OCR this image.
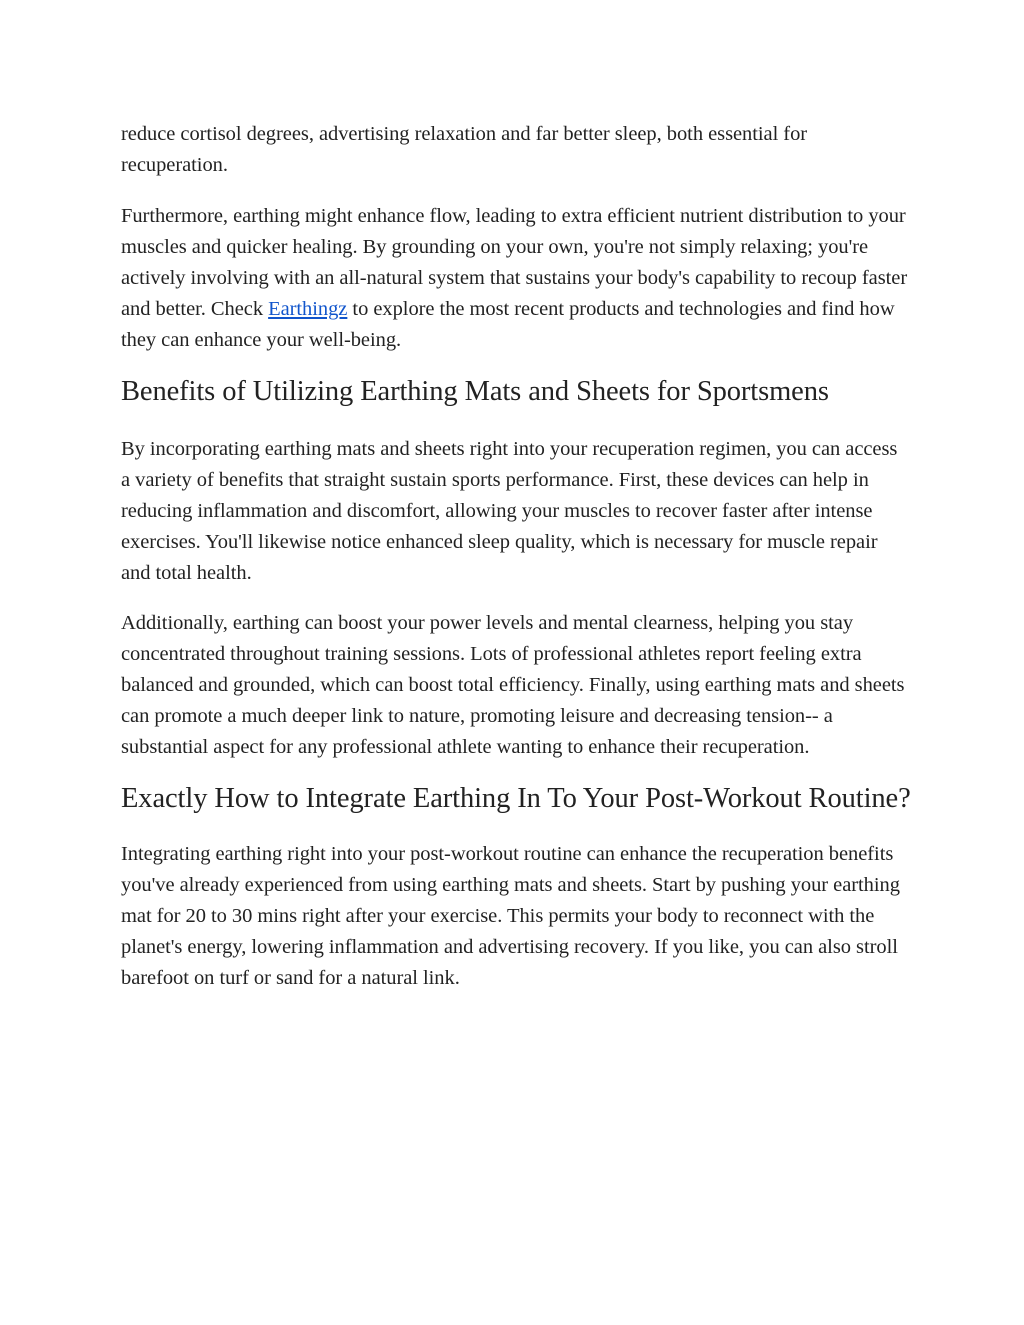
reduce cortisol degrees, advertising relaxation and far better sleep, both essential for recuperation.

Furthermore, earthing might enhance flow, leading to extra efficient nutrient distribution to your muscles and quicker healing. By grounding on your own, you're not simply relaxing; you're actively involving with an all-natural system that sustains your body's capability to recoup faster and better. Check Earthingz to explore the most recent products and technologies and find how they can enhance your well-being.

Benefits of Utilizing Earthing Mats and Sheets for Sportsmens

By incorporating earthing mats and sheets right into your recuperation regimen, you can access a variety of benefits that straight sustain sports performance. First, these devices can help in reducing inflammation and discomfort, allowing your muscles to recover faster after intense exercises. You'll likewise notice enhanced sleep quality, which is necessary for muscle repair and total health.

Additionally, earthing can boost your power levels and mental clearness, helping you stay concentrated throughout training sessions. Lots of professional athletes report feeling extra balanced and grounded, which can boost total efficiency. Finally, using earthing mats and sheets can promote a much deeper link to nature, promoting leisure and decreasing tension-- a substantial aspect for any professional athlete wanting to enhance their recuperation.

Exactly How to Integrate Earthing In To Your Post-Workout Routine?

Integrating earthing right into your post-workout routine can enhance the recuperation benefits you've already experienced from using earthing mats and sheets. Start by pushing your earthing mat for 20 to 30 mins right after your exercise. This permits your body to reconnect with the planet's energy, lowering inflammation and advertising recovery. If you like, you can also stroll barefoot on turf or sand for a natural link.
